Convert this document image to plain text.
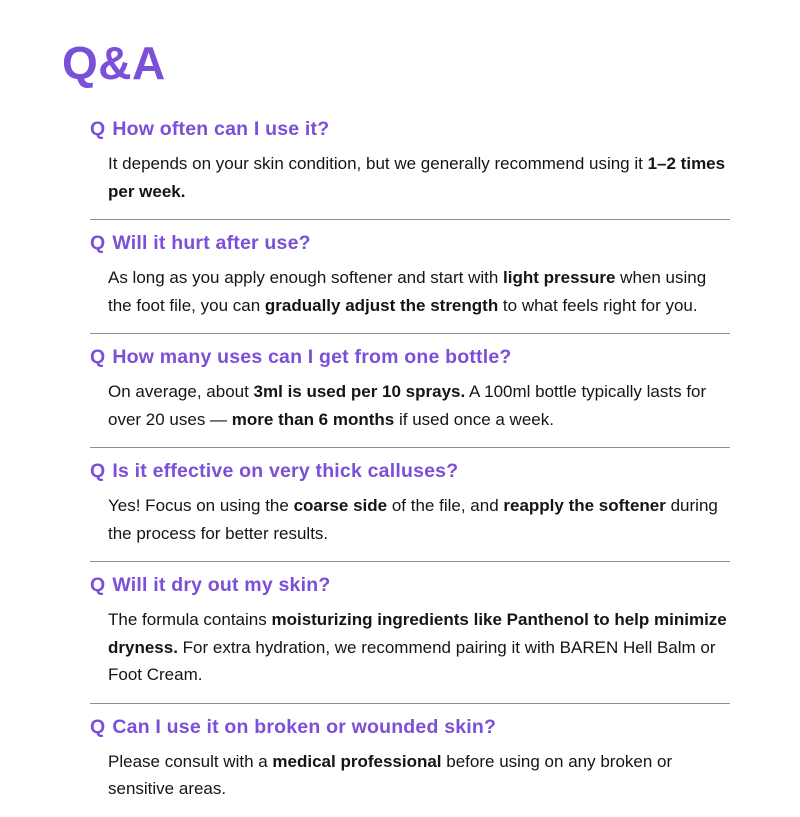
Q&A
Q How often can I use it?

It depends on your skin condition, but we generally recommend using it 1–2 times per week.

Q Will it hurt after use?

As long as you apply enough softener and start with light pressure when using the foot file, you can gradually adjust the strength to what feels right for you.

Q How many uses can I get from one bottle?

On average, about 3ml is used per 10 sprays. A 100ml bottle typically lasts for over 20 uses — more than 6 months if used once a week.

Q Is it effective on very thick calluses?

Yes! Focus on using the coarse side of the file, and reapply the softener during the process for better results.

Q Will it dry out my skin?

The formula contains moisturizing ingredients like Panthenol to help minimize dryness. For extra hydration, we recommend pairing it with BAREN Hell Balm or Foot Cream.

Q Can I use it on broken or wounded skin?

Please consult with a medical professional before using on any broken or sensitive areas.
